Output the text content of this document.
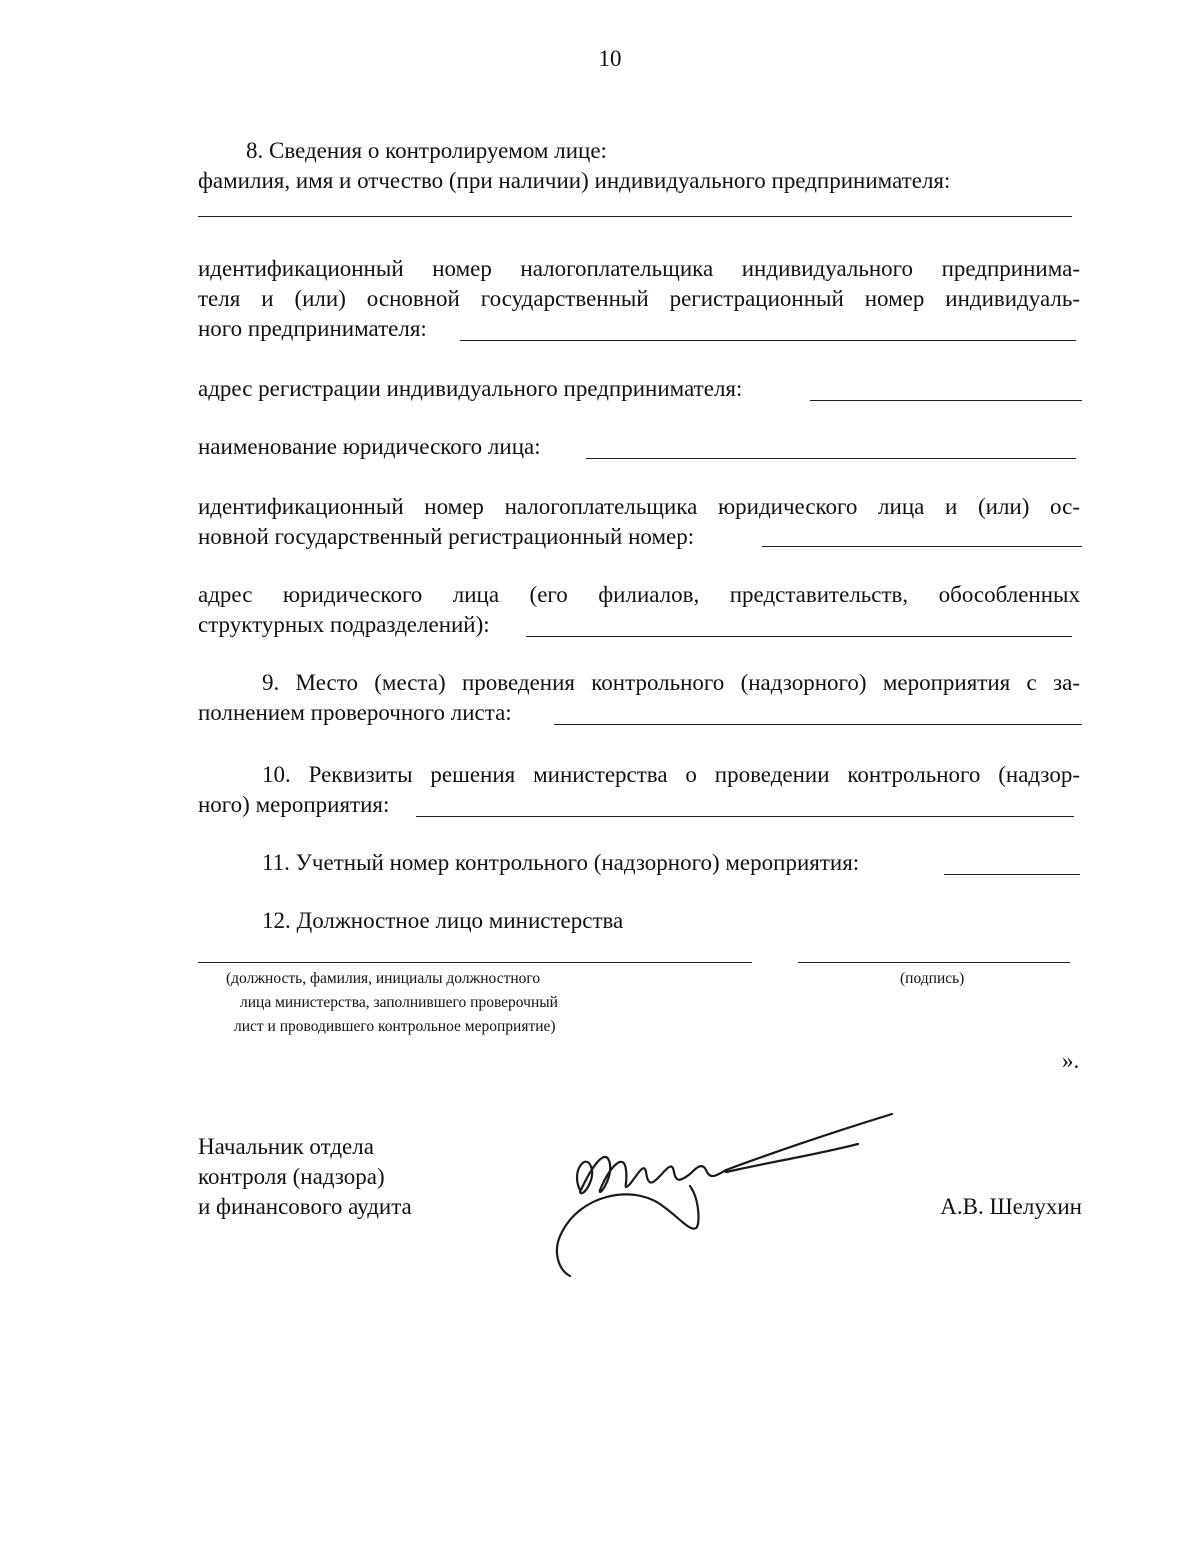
10
8. Сведения о контролируемом лице:
фамилия, имя и отчество (при наличии) индивидуального предпринимателя:
идентификационный номер налогоплательщика индивидуального предпринима-
теля и (или) основной государственный регистрационный номер индивидуаль-
ного предпринимателя:
адрес регистрации индивидуального предпринимателя:
наименование юридического лица:
идентификационный номер налогоплательщика юридического лица и (или) ос-
новной государственный регистрационный номер:
адрес юридического лица (его филиалов, представительств, обособленных
структурных подразделений):
9. Место (места) проведения контрольного (надзорного) мероприятия с за-
полнением проверочного листа:
10. Реквизиты решения министерства о проведении контрольного (надзор-
ного) мероприятия:
11. Учетный номер контрольного (надзорного) мероприятия:
12. Должностное лицо министерства
(должность, фамилия, инициалы должностного
лица министерства, заполнившего проверочный
лист и проводившего контрольное мероприятие)
(подпись)
».
Начальник отдела
контроля (надзора)
и финансового аудита	А.В. Шелухин
